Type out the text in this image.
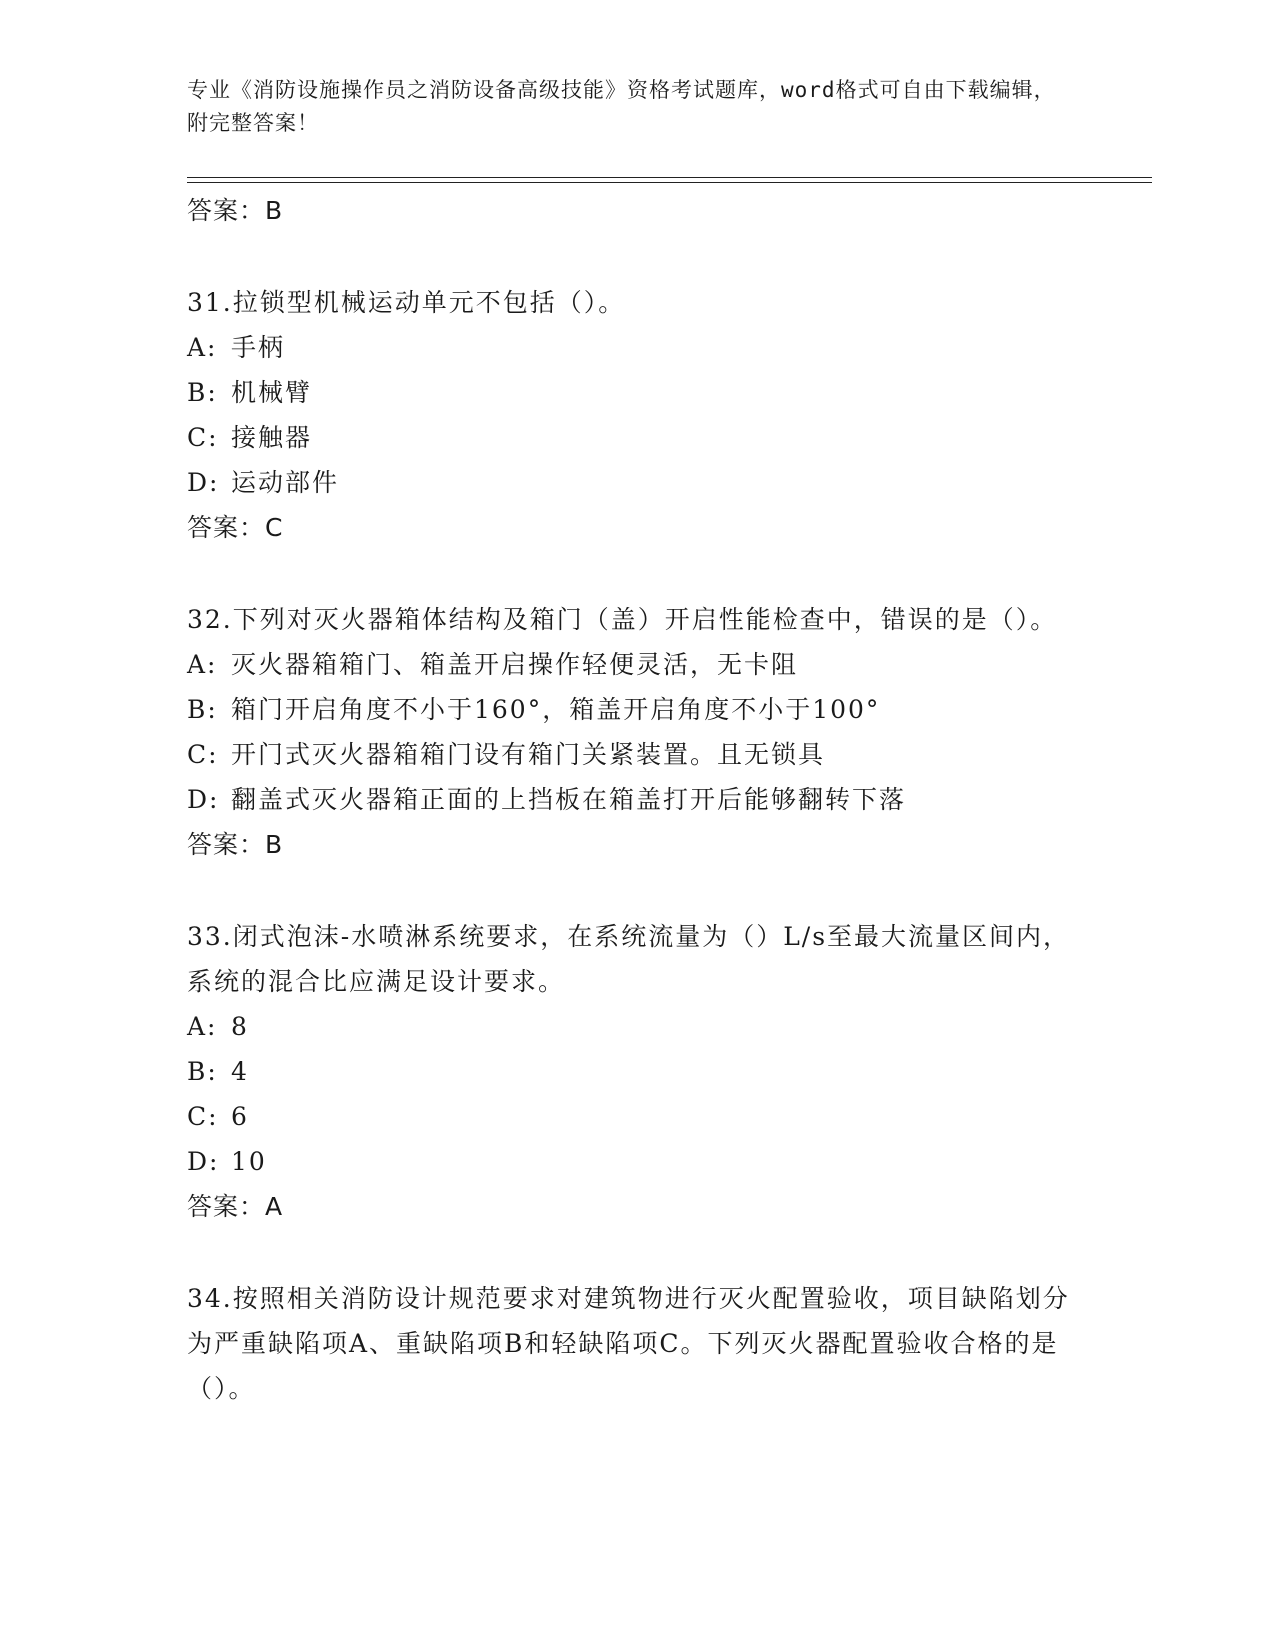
专业《消防设施操作员之消防设备高级技能》资格考试题库，word格式可自由下载编辑，附完整答案！
答案：B
31.拉锁型机械运动单元不包括（）。
A: 手柄
B: 机械臂
C: 接触器
D: 运动部件
答案：C
32.下列对灭火器箱体结构及箱门（盖）开启性能检查中，错误的是（）。
A: 灭火器箱箱门、箱盖开启操作轻便灵活，无卡阻
B: 箱门开启角度不小于160°，箱盖开启角度不小于100°
C: 开门式灭火器箱箱门设有箱门关紧装置。且无锁具
D: 翻盖式灭火器箱正面的上挡板在箱盖打开后能够翻转下落
答案：B
33.闭式泡沫-水喷淋系统要求，在系统流量为（）L/s至最大流量区间内，系统的混合比应满足设计要求。
A: 8
B: 4
C: 6
D: 10
答案：A
34.按照相关消防设计规范要求对建筑物进行灭火配置验收，项目缺陷划分为严重缺陷项A、重缺陷项B和轻缺陷项C。下列灭火器配置验收合格的是（）。
